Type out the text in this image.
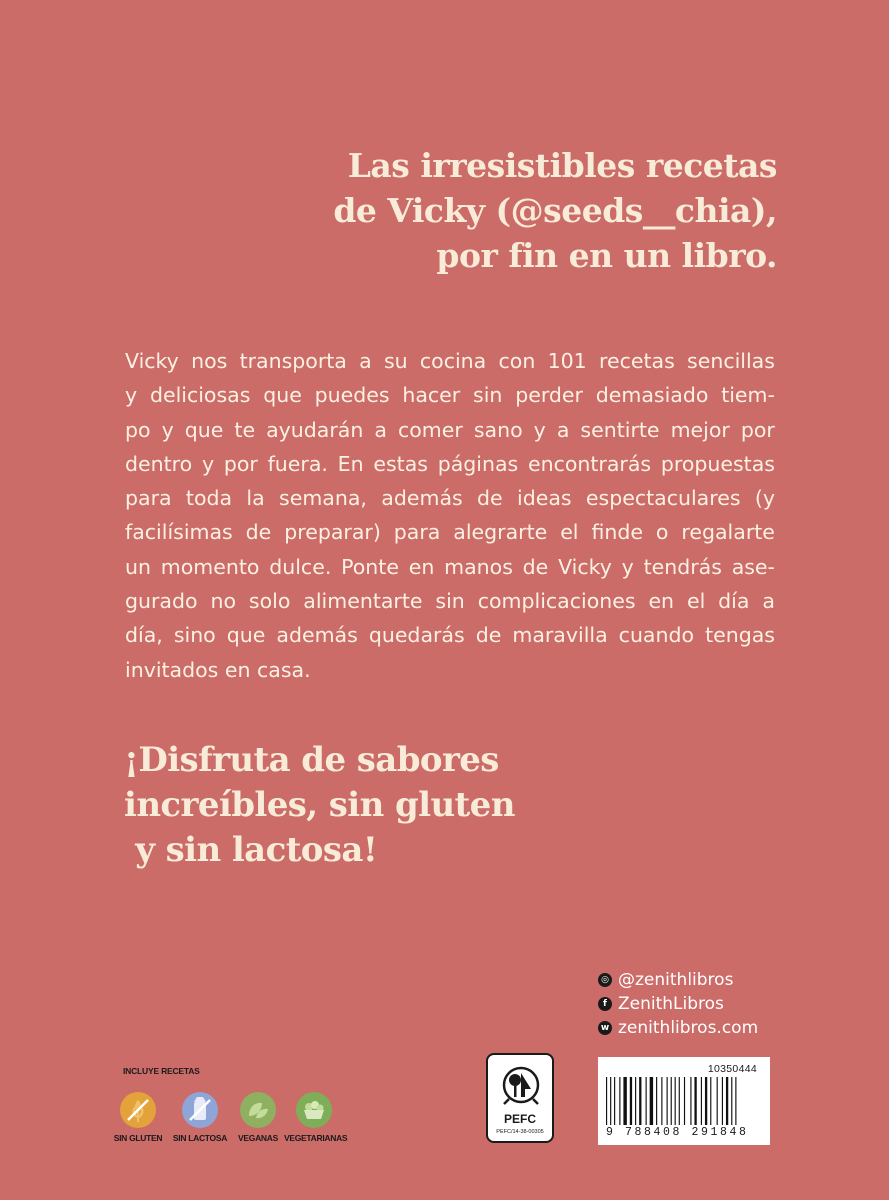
Las irresistibles recetas
de Vicky (@seeds__chia),
por fin en un libro.
Vicky nos transporta a su cocina con 101 recetas sencillas
y deliciosas que puedes hacer sin perder demasiado tiem-
po y que te ayudarán a comer sano y a sentirte mejor por
dentro y por fuera. En estas páginas encontrarás propuestas
para toda la semana, además de ideas espectaculares (y
facilísimas de preparar) para alegrarte el finde o regalarte
un momento dulce. Ponte en manos de Vicky y tendrás ase-
gurado no solo alimentarte sin complicaciones en el día a
día, sino que además quedarás de maravilla cuando tengas
invitados en casa.
¡Disfruta de sabores
increíbles, sin gluten
y sin lactosa!
◎ @zenithlibros
f ZenithLibros
w zenithlibros.com
INCLUYE RECETAS
SIN GLUTEN	SIN LACTOSA	VEGANAS VEGETARIANAS
PEFC
PEFC/14-38-00305
10350444
9 788408 291848
